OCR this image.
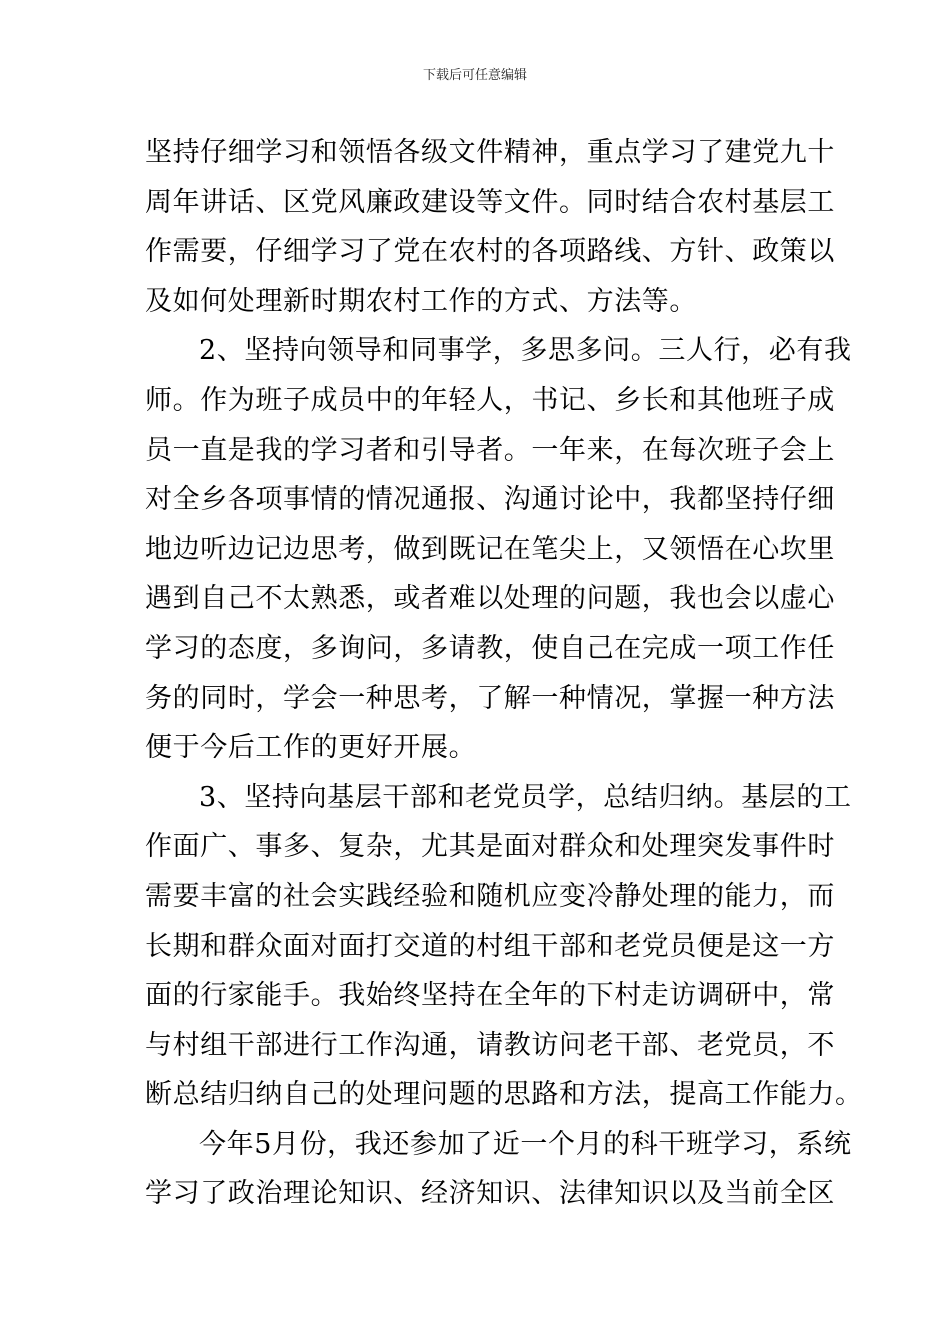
下载后可任意编辑
坚持仔细学习和领悟各级文件精神，重点学习了建党九十
周年讲话、区党风廉政建设等文件。同时结合农村基层工
作需要，仔细学习了党在农村的各项路线、方针、政策以
及如何处理新时期农村工作的方式、方法等。
2、坚持向领导和同事学，多思多问。三人行，必有我
师。作为班子成员中的年轻人，书记、乡长和其他班子成
员一直是我的学习者和引导者。一年来，在每次班子会上
对全乡各项事情的情况通报、沟通讨论中，我都坚持仔细
地边听边记边思考，做到既记在笔尖上，又领悟在心坎里
遇到自己不太熟悉，或者难以处理的问题，我也会以虚心
学习的态度，多询问，多请教，使自己在完成一项工作任
务的同时，学会一种思考，了解一种情况，掌握一种方法
便于今后工作的更好开展。
3、坚持向基层干部和老党员学，总结归纳。基层的工
作面广、事多、复杂，尤其是面对群众和处理突发事件时
需要丰富的社会实践经验和随机应变冷静处理的能力，而
长期和群众面对面打交道的村组干部和老党员便是这一方
面的行家能手。我始终坚持在全年的下村走访调研中，常
与村组干部进行工作沟通，请教访问老干部、老党员，不
断总结归纳自己的处理问题的思路和方法，提高工作能力。
今年5月份，我还参加了近一个月的科干班学习，系统
学习了政治理论知识、经济知识、法律知识以及当前全区
